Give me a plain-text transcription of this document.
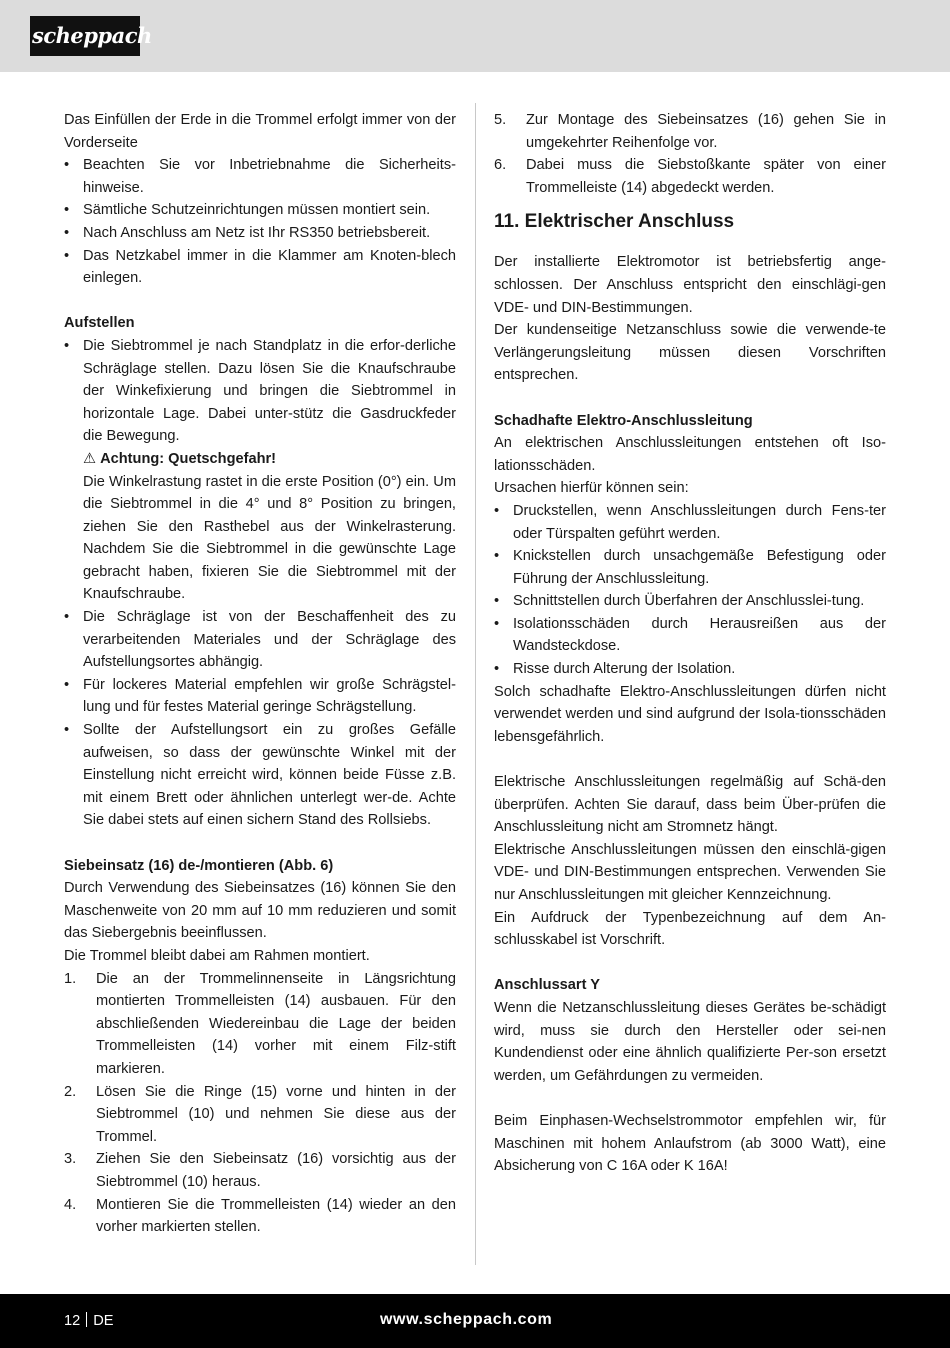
scheppach

Das Einfüllen der Erde in die Trommel erfolgt immer von der Vorderseite

• Beachten Sie vor Inbetriebnahme die Sicherheits-hinweise.
• Sämtliche Schutzeinrichtungen müssen montiert sein.
• Nach Anschluss am Netz ist Ihr RS350 betriebsbereit.
• Das Netzkabel immer in die Klammer am Knoten-blech einlegen.

Aufstellen

• Die Siebtrommel je nach Standplatz in die erfor-derliche Schräglage stellen. Dazu lösen Sie die Knaufschraube der Winkefixierung und bringen die Siebtrommel in horizontale Lage. Dabei unter-stütz die Gasdruckfeder die Bewegung.

⚠ Achtung: Quetschgefahr!

Die Winkelrastung rastet in die erste Position (0°) ein. Um die Siebtrommel in die 4° und 8° Position zu bringen, ziehen Sie den Rasthebel aus der Winkelrasterung. Nachdem Sie die Siebtrommel in die gewünschte Lage gebracht haben, fixieren Sie die Siebtrommel mit der Knaufschraube.

• Die Schräglage ist von der Beschaffenheit des zu verarbeitenden Materiales und der Schräglage des Aufstellungsortes abhängig.
• Für lockeres Material empfehlen wir große Schrägstel-lung und für festes Material geringe Schrägstellung.
• Sollte der Aufstellungsort ein zu großes Gefälle aufweisen, so dass der gewünschte Winkel mit der Einstellung nicht erreicht wird, können beide Füsse z.B. mit einem Brett oder ähnlichen unterlegt wer-de. Achte Sie dabei stets auf einen sichern Stand des Rollsiebs.

Siebeinsatz (16) de-/montieren (Abb. 6)

Durch Verwendung des Siebeinsatzes (16) können Sie den Maschenweite von 20 mm auf 10 mm reduzieren und somit das Siebergebnis beeinflussen.

Die Trommel bleibt dabei am Rahmen montiert.

1. Die an der Trommelinnenseite in Längsrichtung montierten Trommelleisten (14) ausbauen. Für den abschließenden Wiedereinbau die Lage der beiden Trommelleisten (14) vorher mit einem Filz-stift markieren.
2. Lösen Sie die Ringe (15) vorne und hinten in der Siebtrommel (10) und nehmen Sie diese aus der Trommel.
3. Ziehen Sie den Siebeinsatz (16) vorsichtig aus der Siebtrommel (10) heraus.
4. Montieren Sie die Trommelleisten (14) wieder an den vorher markierten stellen.
5. Zur Montage des Siebeinsatzes (16) gehen Sie in umgekehrter Reihenfolge vor.
6. Dabei muss die Siebstoßkante später von einer Trommelleiste (14) abgedeckt werden.

11. Elektrischer Anschluss

Der installierte Elektromotor ist betriebsfertig ange-schlossen. Der Anschluss entspricht den einschlägi-gen VDE- und DIN-Bestimmungen.

Der kundenseitige Netzanschluss sowie die verwende-te Verlängerungsleitung müssen diesen Vorschriften entsprechen.

Schadhafte Elektro-Anschlussleitung

An elektrischen Anschlussleitungen entstehen oft Iso-lationsschäden.

Ursachen hierfür können sein:

• Druckstellen, wenn Anschlussleitungen durch Fens-ter oder Türspalten geführt werden.
• Knickstellen durch unsachgemäße Befestigung oder Führung der Anschlussleitung.
• Schnittstellen durch Überfahren der Anschlusslei-tung.
• Isolationsschäden durch Herausreißen aus der Wandsteckdose.
• Risse durch Alterung der Isolation.

Solch schadhafte Elektro-Anschlussleitungen dürfen nicht verwendet werden und sind aufgrund der Isola-tionsschäden lebensgefährlich.

Elektrische Anschlussleitungen regelmäßig auf Schä-den überprüfen. Achten Sie darauf, dass beim Über-prüfen die Anschlussleitung nicht am Stromnetz hängt.

Elektrische Anschlussleitungen müssen den einschlä-gigen VDE- und DIN-Bestimmungen entsprechen. Verwenden Sie nur Anschlussleitungen mit gleicher Kennzeichnung.

Ein Aufdruck der Typenbezeichnung auf dem An-schlusskabel ist Vorschrift.

Anschlussart Y

Wenn die Netzanschlussleitung dieses Gerätes be-schädigt wird, muss sie durch den Hersteller oder sei-nen Kundendienst oder eine ähnlich qualifizierte Per-son ersetzt werden, um Gefährdungen zu vermeiden.

Beim Einphasen-Wechselstrommotor empfehlen wir, für Maschinen mit hohem Anlaufstrom (ab 3000 Watt), eine Absicherung von C 16A oder K 16A!

12 DE	www.scheppach.com
